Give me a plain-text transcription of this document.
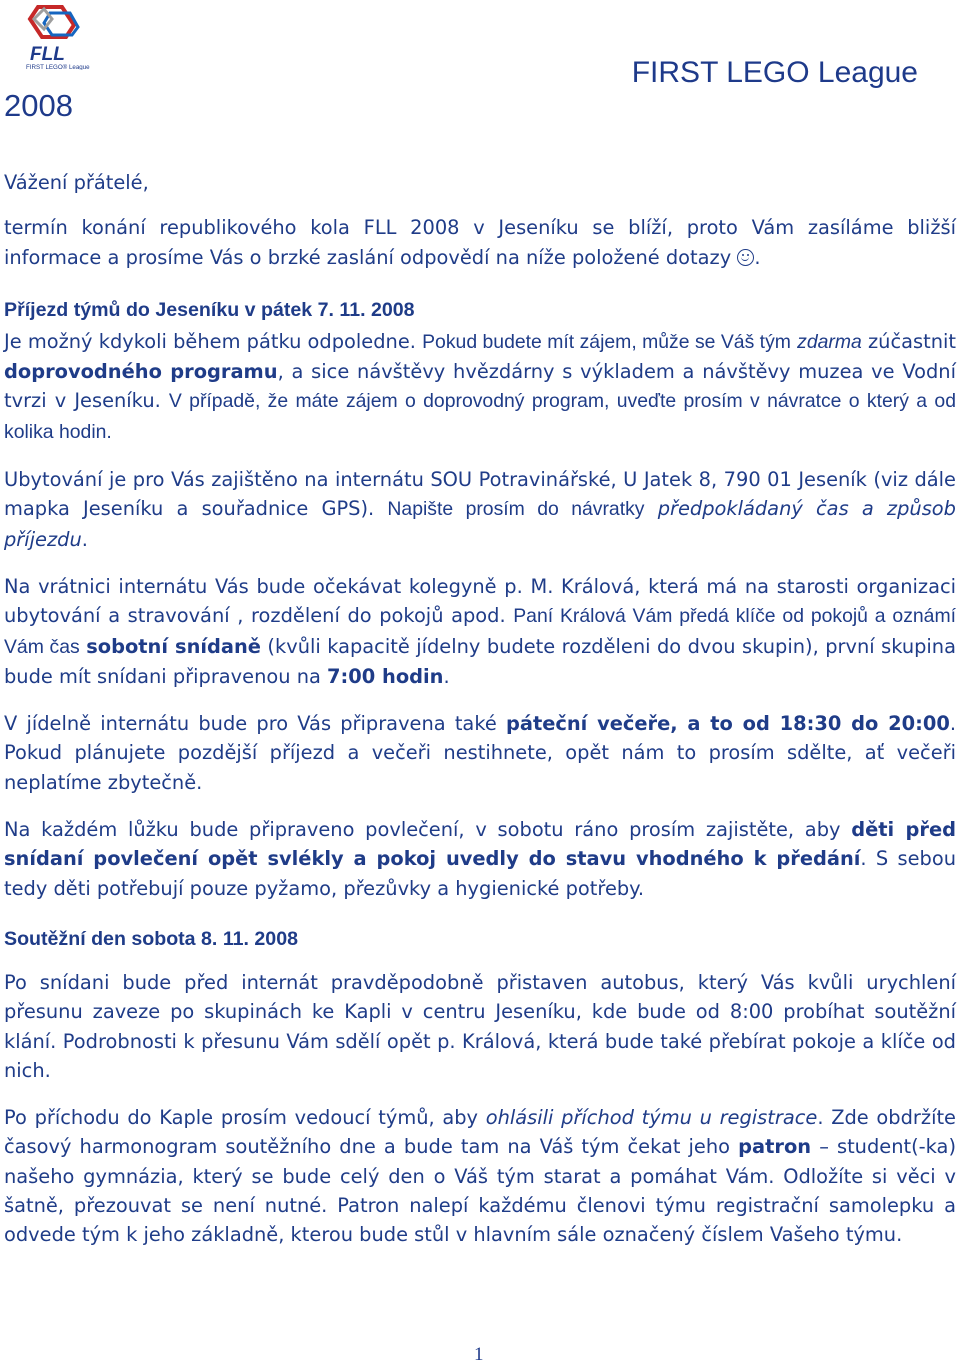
FLL
FIRST LEGO® League
2008
FIRST LEGO League

Vážení přátelé,

termín konání republikového kola FLL 2008 v Jeseníku se blíží, proto Vám zasíláme bližší informace a prosíme Vás o brzké zaslání odpovědí na níže položené dotazy .

Příjezd týmů do Jeseníku v pátek 7. 11. 2008

Je možný kdykoli během pátku odpoledne. Pokud budete mít zájem, může se Váš tým zdarma zúčastnit doprovodného programu, a sice návštěvy hvězdárny s výkladem a návštěvy muzea ve Vodní tvrzi v Jeseníku. V případě, že máte zájem o doprovodný program, uveďte prosím v návratce o který a od kolika hodin.

Ubytování je pro Vás zajištěno na internátu SOU Potravinářské, U Jatek 8, 790 01 Jeseník (viz dále mapka Jeseníku a souřadnice GPS). Napište prosím do návratky předpokládaný čas a způsob příjezdu.

Na vrátnici internátu Vás bude očekávat kolegyně p. M. Králová, která má na starosti organizaci ubytování a stravování , rozdělení do pokojů apod. Paní Králová Vám předá klíče od pokojů a oznámí Vám čas sobotní snídaně (kvůli kapacitě jídelny budete rozděleni do dvou skupin), první skupina bude mít snídani připravenou na 7:00 hodin.

V jídelně internátu bude pro Vás připravena také páteční večeře, a to od 18:30 do 20:00. Pokud plánujete pozdější příjezd a večeři nestihnete, opět nám to prosím sdělte, ať večeři neplatíme zbytečně.

Na každém lůžku bude připraveno povlečení, v sobotu ráno prosím zajistěte, aby děti před snídaní povlečení opět svlékly a pokoj uvedly do stavu vhodného k předání. S sebou tedy děti potřebují pouze pyžamo, přezůvky a hygienické potřeby.

Soutěžní den sobota 8. 11. 2008

Po snídani bude před internát pravděpodobně přistaven autobus, který Vás kvůli urychlení přesunu zaveze po skupinách ke Kapli v centru Jeseníku, kde bude od 8:00 probíhat soutěžní klání. Podrobnosti k přesunu Vám sdělí opět p. Králová, která bude také přebírat pokoje a klíče od nich.

Po příchodu do Kaple prosím vedoucí týmů, aby ohlásili příchod týmu u registrace. Zde obdržíte časový harmonogram soutěžního dne a bude tam na Váš tým čekat jeho patron – student(-ka) našeho gymnázia, který se bude celý den o Váš tým starat a pomáhat Vám. Odložíte si věci v šatně, přezouvat se není nutné. Patron nalepí každému členovi týmu registrační samolepku a odvede tým k jeho základně, kterou bude stůl v hlavním sále označený číslem Vašeho týmu.

1
